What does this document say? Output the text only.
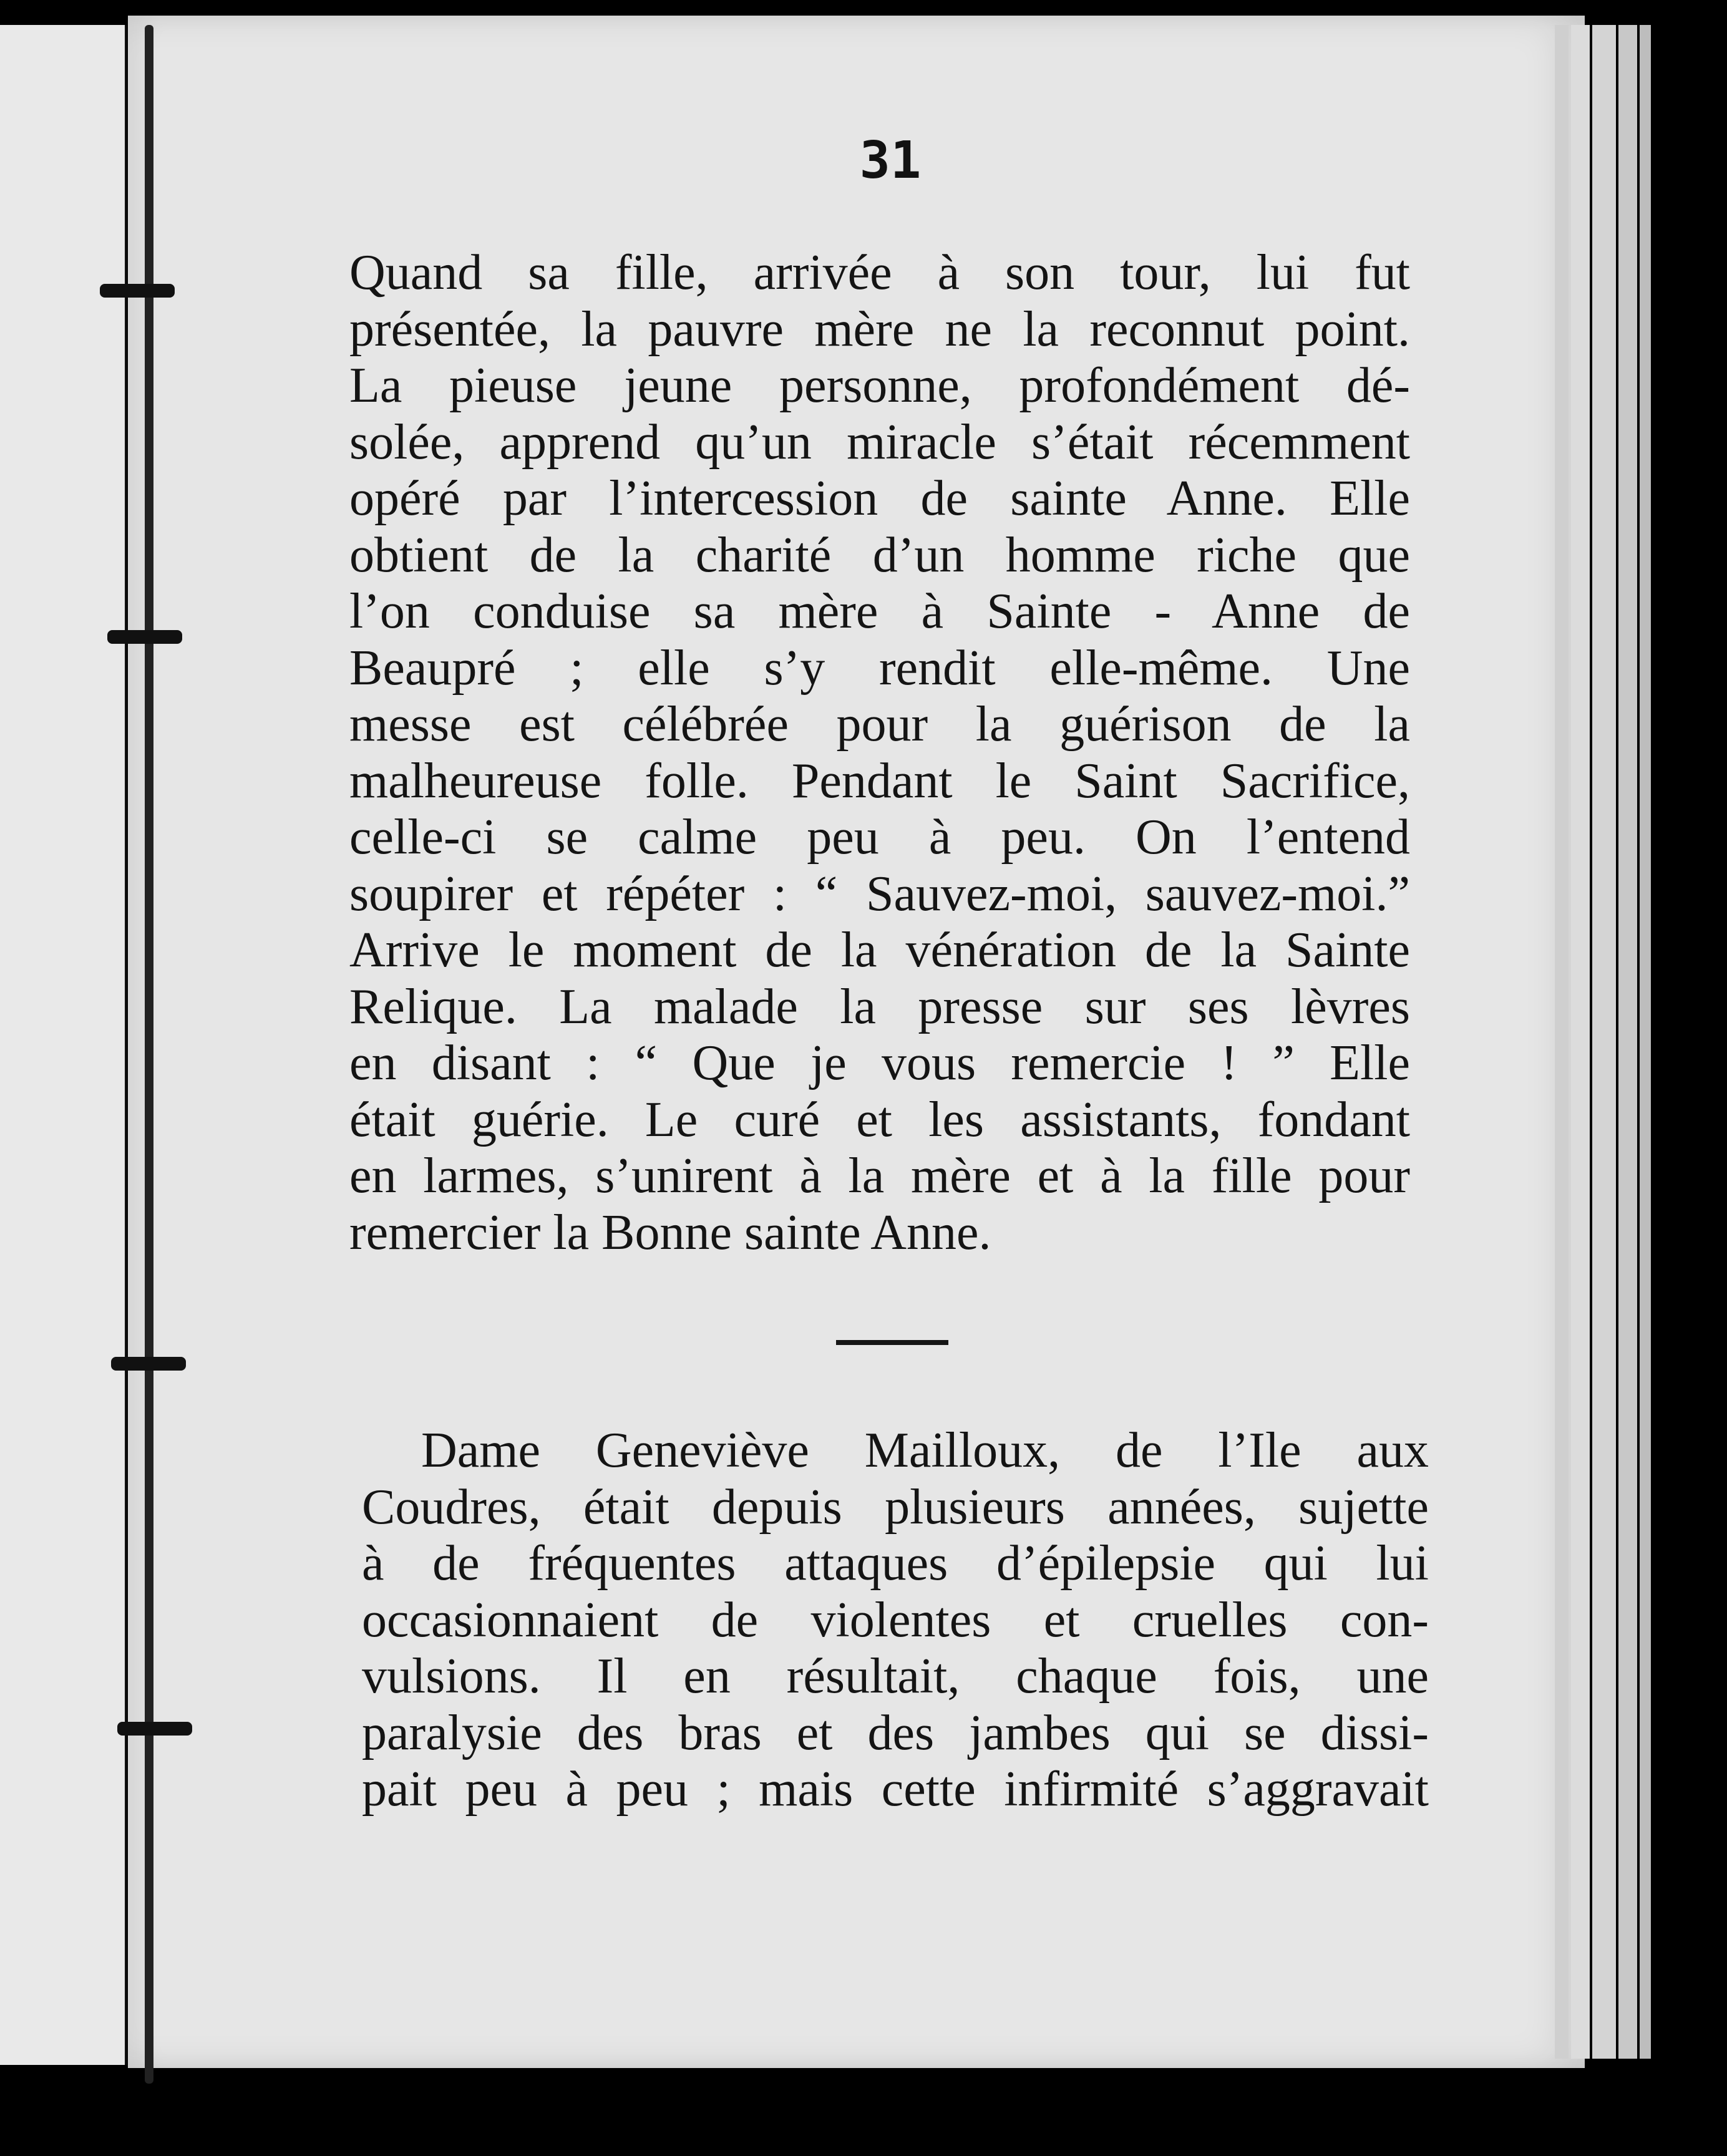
31
Quand sa fille, arrivée à son tour, lui fut
présentée, la pauvre mère ne la reconnut point.
La pieuse jeune personne, profondément dé-
solée, apprend qu’un miracle s’était récemment
opéré par l’intercession de sainte Anne. Elle
obtient de la charité d’un homme riche que
l’on conduise sa mère à Sainte - Anne de
Beaupré ; elle s’y rendit elle-même. Une
messe est célébrée pour la guérison de la
malheureuse folle. Pendant le Saint Sacrifice,
celle-ci se calme peu à peu. On l’entend
soupirer et répéter : “ Sauvez-moi, sauvez-moi.”
Arrive le moment de la vénération de la Sainte
Relique. La malade la presse sur ses lèvres
en disant : “ Que je vous remercie ! ” Elle
était guérie. Le curé et les assistants, fondant
en larmes, s’unirent à la mère et à la fille pour
remercier la Bonne sainte Anne.
Dame Geneviève Mailloux, de l’Ile aux
Coudres, était depuis plusieurs années, sujette
à de fréquentes attaques d’épilepsie qui lui
occasionnaient de violentes et cruelles con-
vulsions. Il en résultait, chaque fois, une
paralysie des bras et des jambes qui se dissi-
pait peu à peu ; mais cette infirmité s’aggravait
